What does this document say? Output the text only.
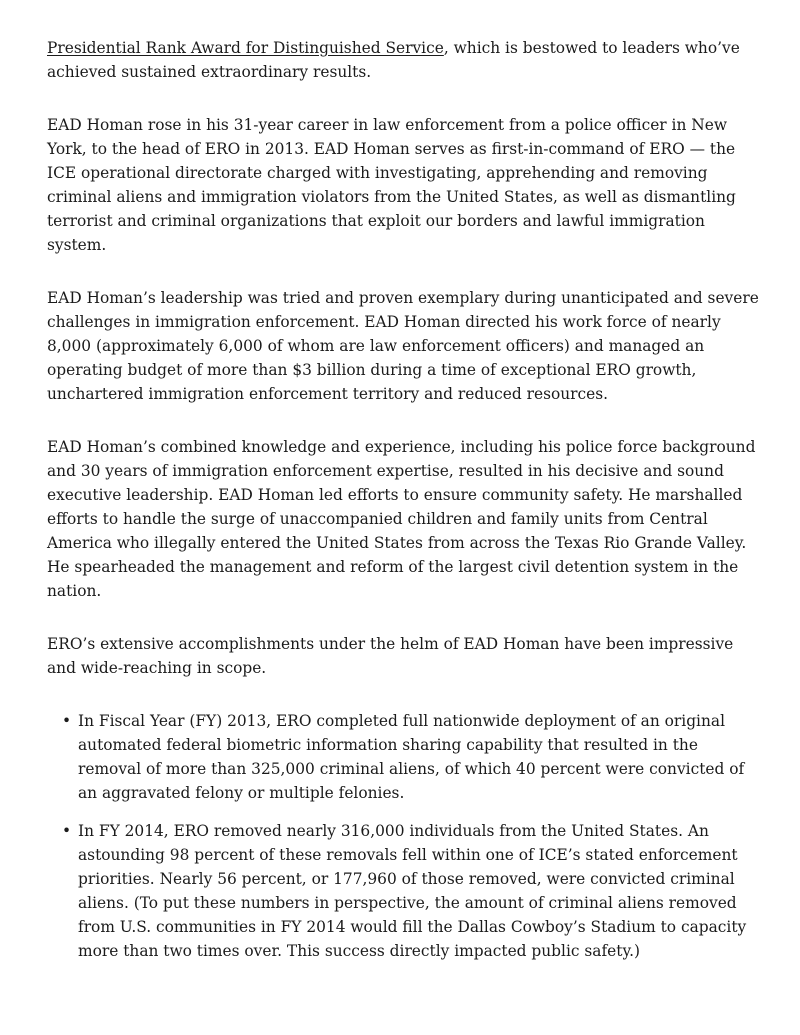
Presidential Rank Award for Distinguished Service, which is bestowed to leaders who’ve achieved sustained extraordinary results.

EAD Homan rose in his 31-year career in law enforcement from a police officer in New York, to the head of ERO in 2013. EAD Homan serves as first-in-command of ERO — the ICE operational directorate charged with investigating, apprehending and removing criminal aliens and immigration violators from the United States, as well as dismantling terrorist and criminal organizations that exploit our borders and lawful immigration system.

EAD Homan’s leadership was tried and proven exemplary during unanticipated and severe challenges in immigration enforcement. EAD Homan directed his work force of nearly 8,000 (approximately 6,000 of whom are law enforcement officers) and managed an operating budget of more than $3 billion during a time of exceptional ERO growth, unchartered immigration enforcement territory and reduced resources.

EAD Homan’s combined knowledge and experience, including his police force background and 30 years of immigration enforcement expertise, resulted in his decisive and sound executive leadership. EAD Homan led efforts to ensure community safety. He marshalled efforts to handle the surge of unaccompanied children and family units from Central America who illegally entered the United States from across the Texas Rio Grande Valley. He spearheaded the management and reform of the largest civil detention system in the nation.

ERO’s extensive accomplishments under the helm of EAD Homan have been impressive and wide-reaching in scope.

• In Fiscal Year (FY) 2013, ERO completed full nationwide deployment of an original automated federal biometric information sharing capability that resulted in the removal of more than 325,000 criminal aliens, of which 40 percent were convicted of an aggravated felony or multiple felonies.
• In FY 2014, ERO removed nearly 316,000 individuals from the United States. An astounding 98 percent of these removals fell within one of ICE’s stated enforcement priorities. Nearly 56 percent, or 177,960 of those removed, were convicted criminal aliens. (To put these numbers in perspective, the amount of criminal aliens removed from U.S. communities in FY 2014 would fill the Dallas Cowboy’s Stadium to capacity more than two times over. This success directly impacted public safety.)
